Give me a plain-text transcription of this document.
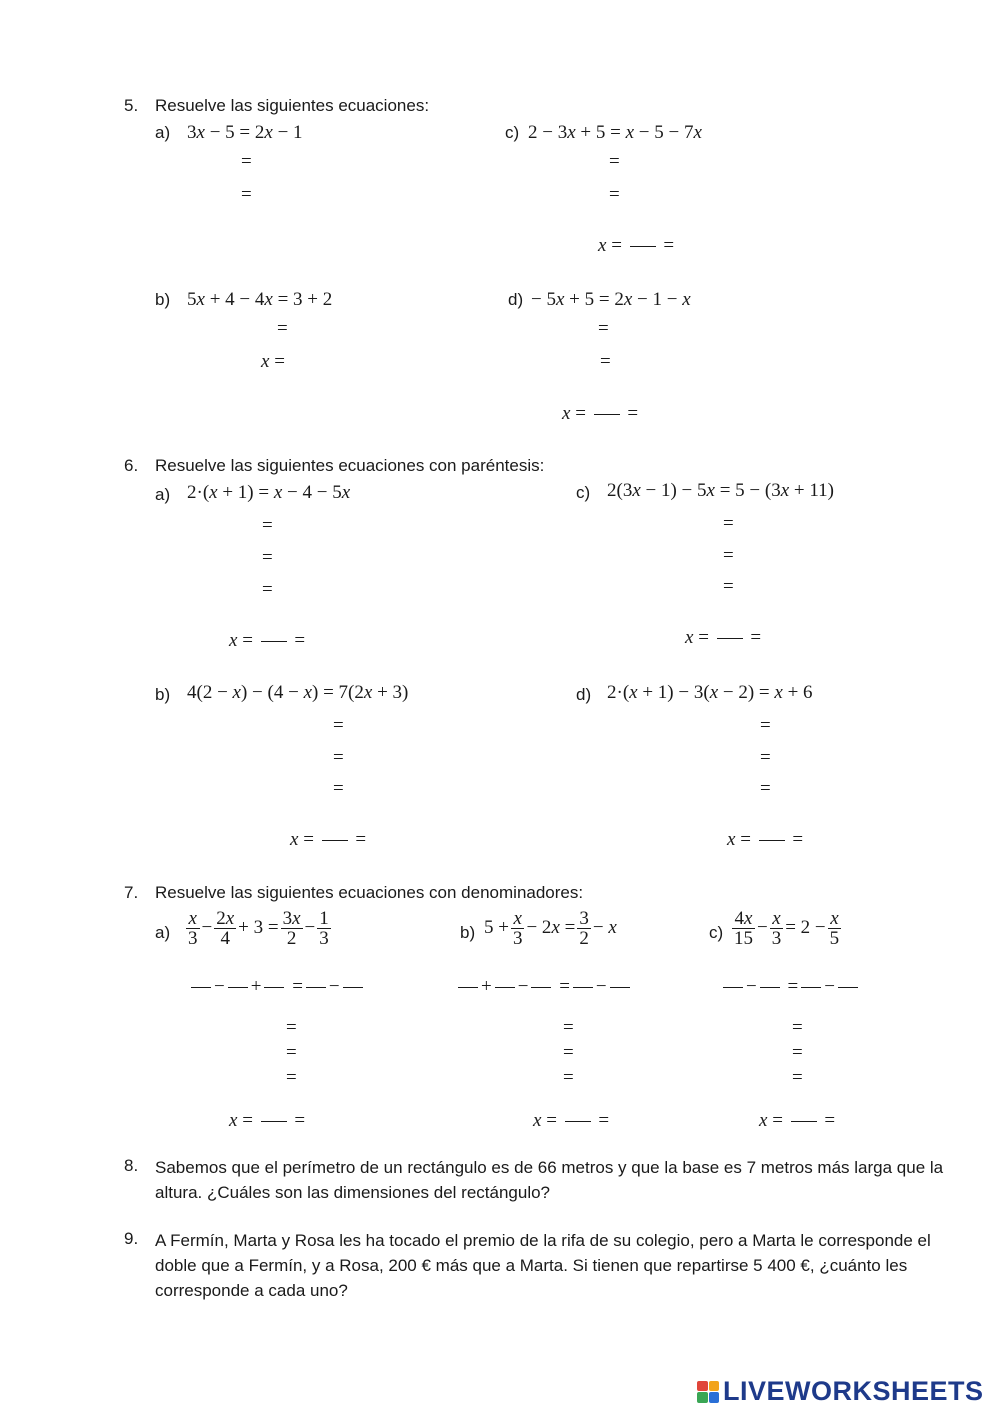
5. Resuelve las siguientes ecuaciones:
a) 3x − 5 = 2x − 1
=
=
c) 2 − 3x + 5 = x − 5 − 7x
=
=
x =  =
b) 5x + 4 − 4x = 3 + 2
=
x =
d) − 5x + 5 = 2x − 1 − x
=
=
x =  =
6. Resuelve las siguientes ecuaciones con paréntesis:
a) 2·(x + 1) = x − 4 − 5x
=
=
=
x =  =
c) 2(3x − 1) − 5x = 5 − (3x + 11)
=
=
=
x =  =
b) 4(2 − x) − (4 − x) = 7(2x + 3)
=
=
=
x =  =
d) 2·(x + 1) − 3(x − 2) = x + 6
=
=
=
x =  =
7. Resuelve las siguientes ecuaciones con denominadores:
$a) \frac{x}{3} - \frac{2x}{4} + 3 = \frac{3x}{2} - \frac{1}{3}$
− + = −
=
=
=
x =  =
b) $5 + \frac{x}{3} - 2x = \frac{3}{2} - x$
+ − = −
=
=
=
x =  =
$c) \frac{4x}{15} - \frac{x}{3} = 2 - \frac{x}{5}$
− = −
=
=
=
x =  =
8. Sabemos que el perímetro de un rectángulo es de 66 metros y que la base es 7 metros más larga que la altura. ¿Cuáles son las dimensiones del rectángulo?
9. A Fermín, Marta y Rosa les ha tocado el premio de la rifa de su colegio, pero a Marta le corresponde el doble que a Fermín, y a Rosa, 200 € más que a Marta. Si tienen que repartirse 5 400 €, ¿cuánto les corresponde a cada uno?
LIVEWORKSHEETS
